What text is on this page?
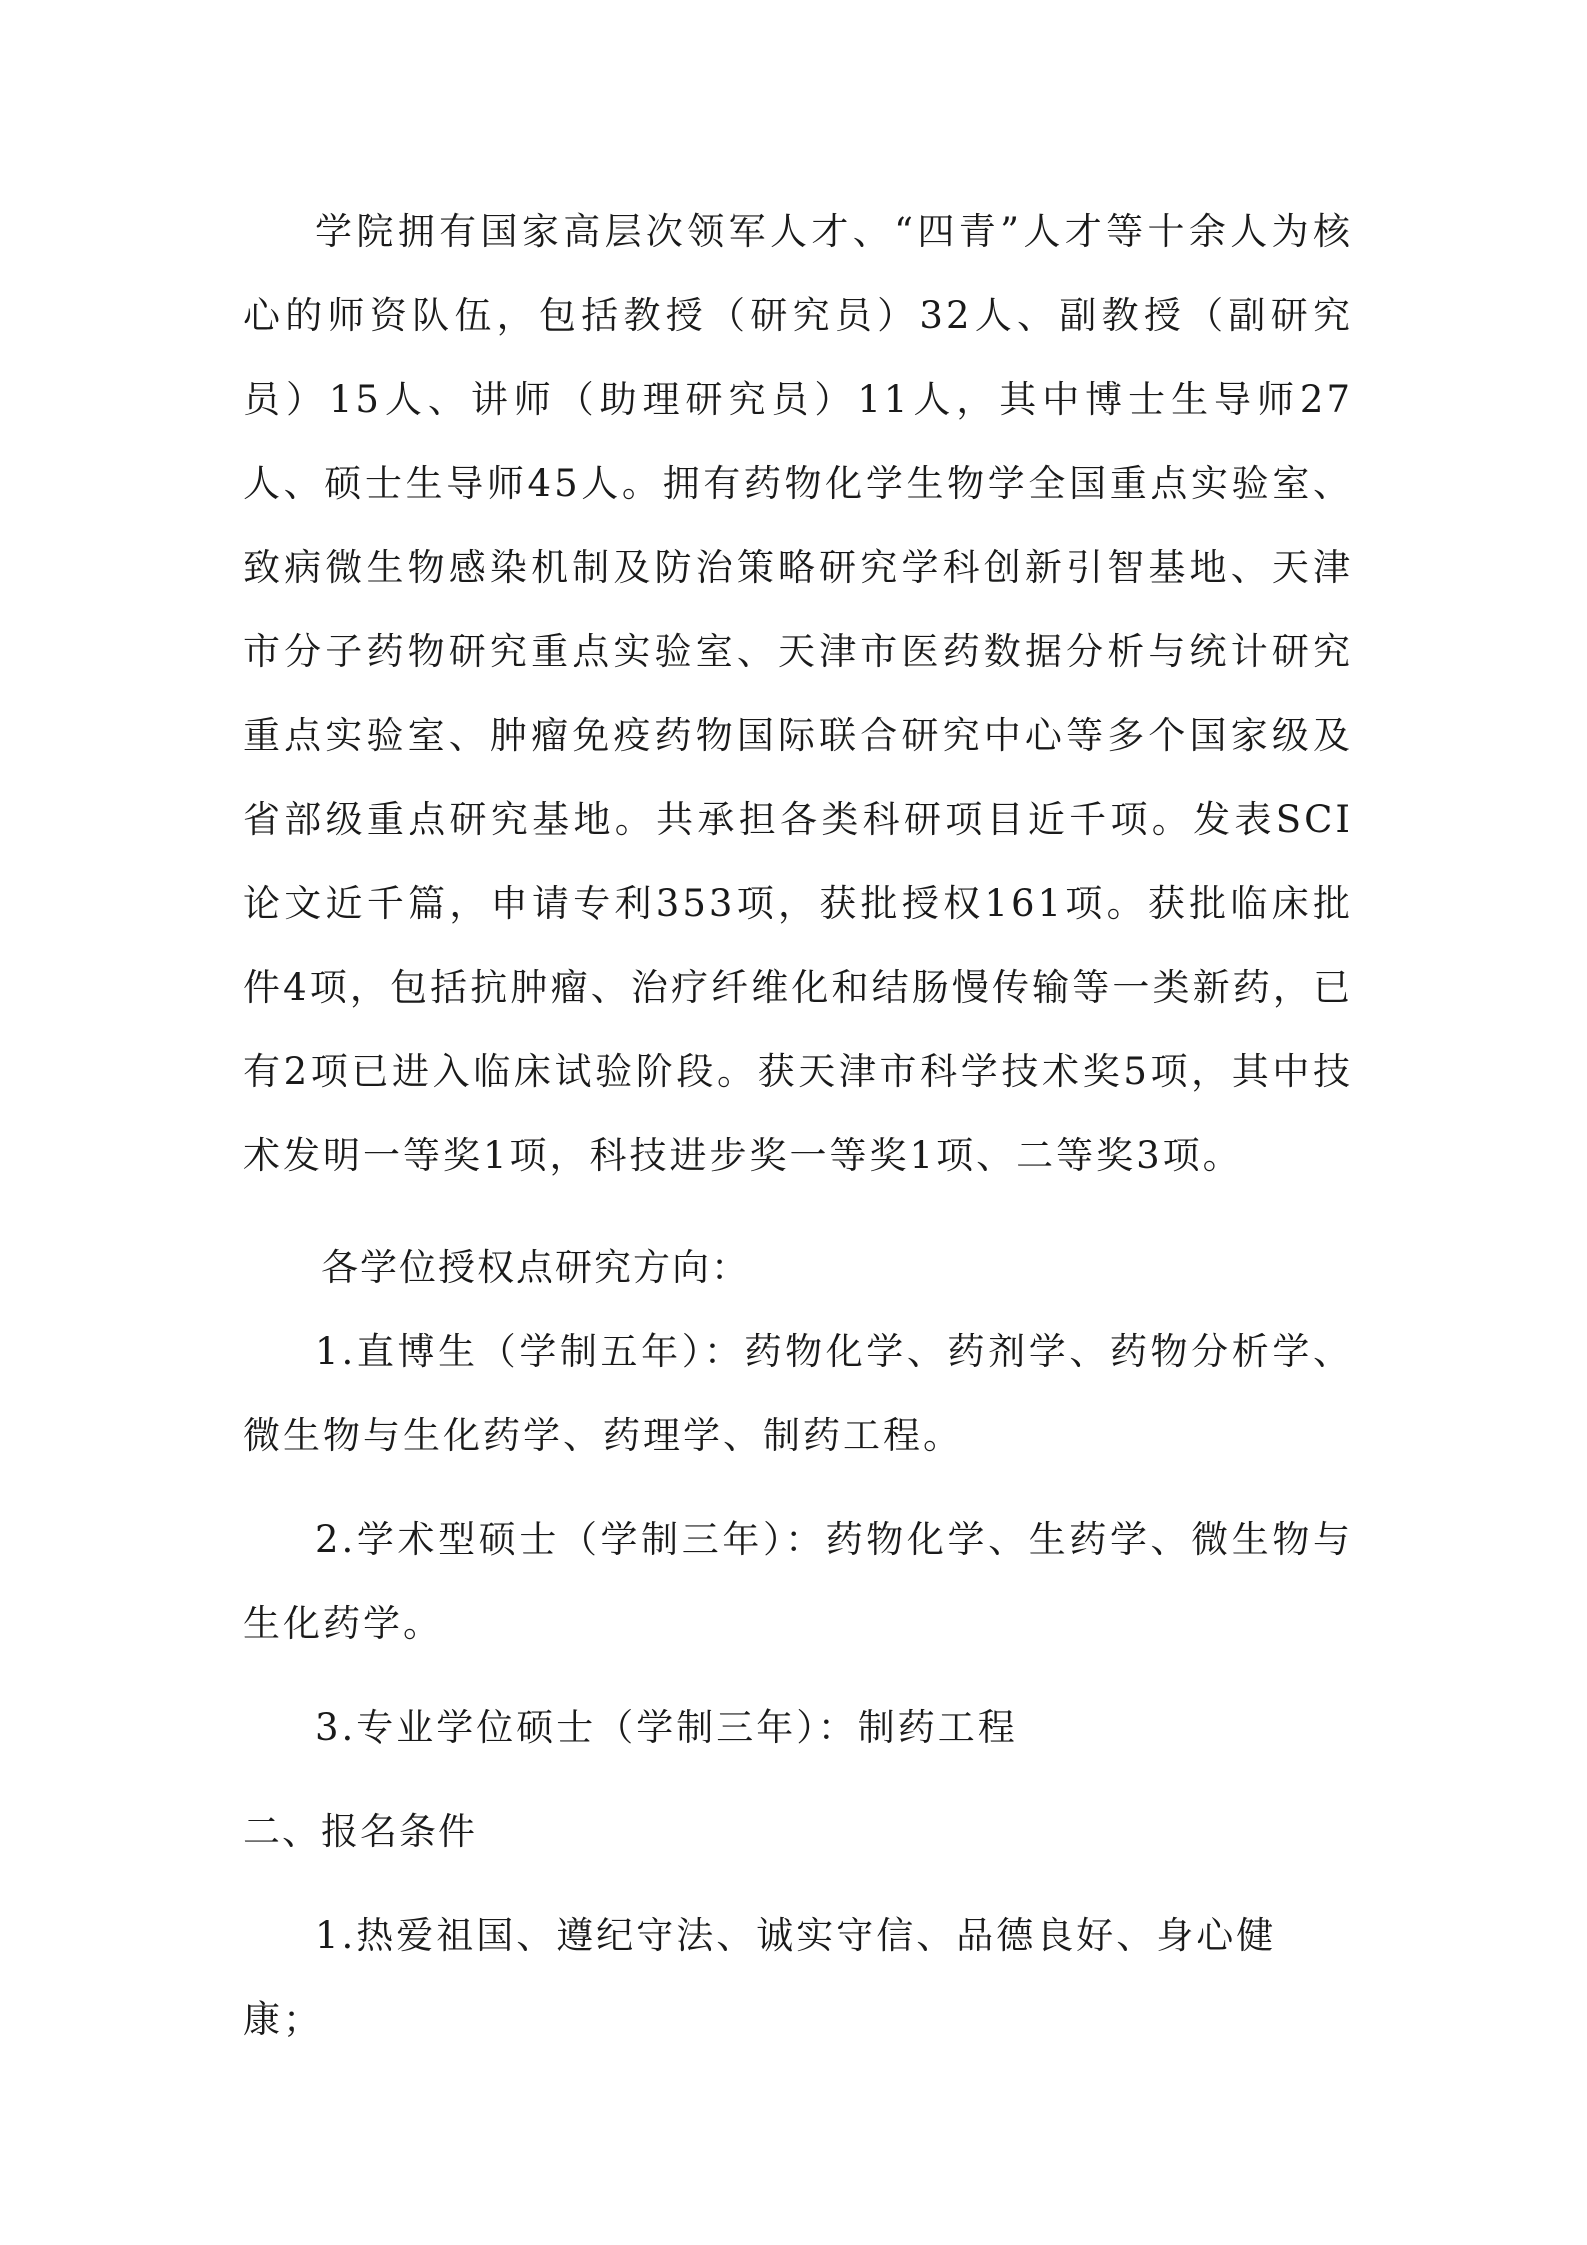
学院拥有国家高层次领军人才、“四青”人才等十余人为核心的师资队伍，包括教授（研究员）32人、副教授（副研究员）15人、讲师（助理研究员）11人，其中博士生导师27人、硕士生导师45人。拥有药物化学生物学全国重点实验室、致病微生物感染机制及防治策略研究学科创新引智基地、天津市分子药物研究重点实验室、天津市医药数据分析与统计研究重点实验室、肿瘤免疫药物国际联合研究中心等多个国家级及省部级重点研究基地。共承担各类科研项目近千项。发表SCI论文近千篇，申请专利353项，获批授权161项。获批临床批件4项，包括抗肿瘤、治疗纤维化和结肠慢传输等一类新药，已有2项已进入临床试验阶段。获天津市科学技术奖5项，其中技术发明一等奖1项，科技进步奖一等奖1项、二等奖3项。

各学位授权点研究方向：

1.直博生（学制五年）：药物化学、药剂学、药物分析学、微生物与生化药学、药理学、制药工程。

2.学术型硕士（学制三年）：药物化学、生药学、微生物与生化药学。

3.专业学位硕士（学制三年）：制药工程

二、报名条件

1.热爱祖国、遵纪守法、诚实守信、品德良好、身心健康；
